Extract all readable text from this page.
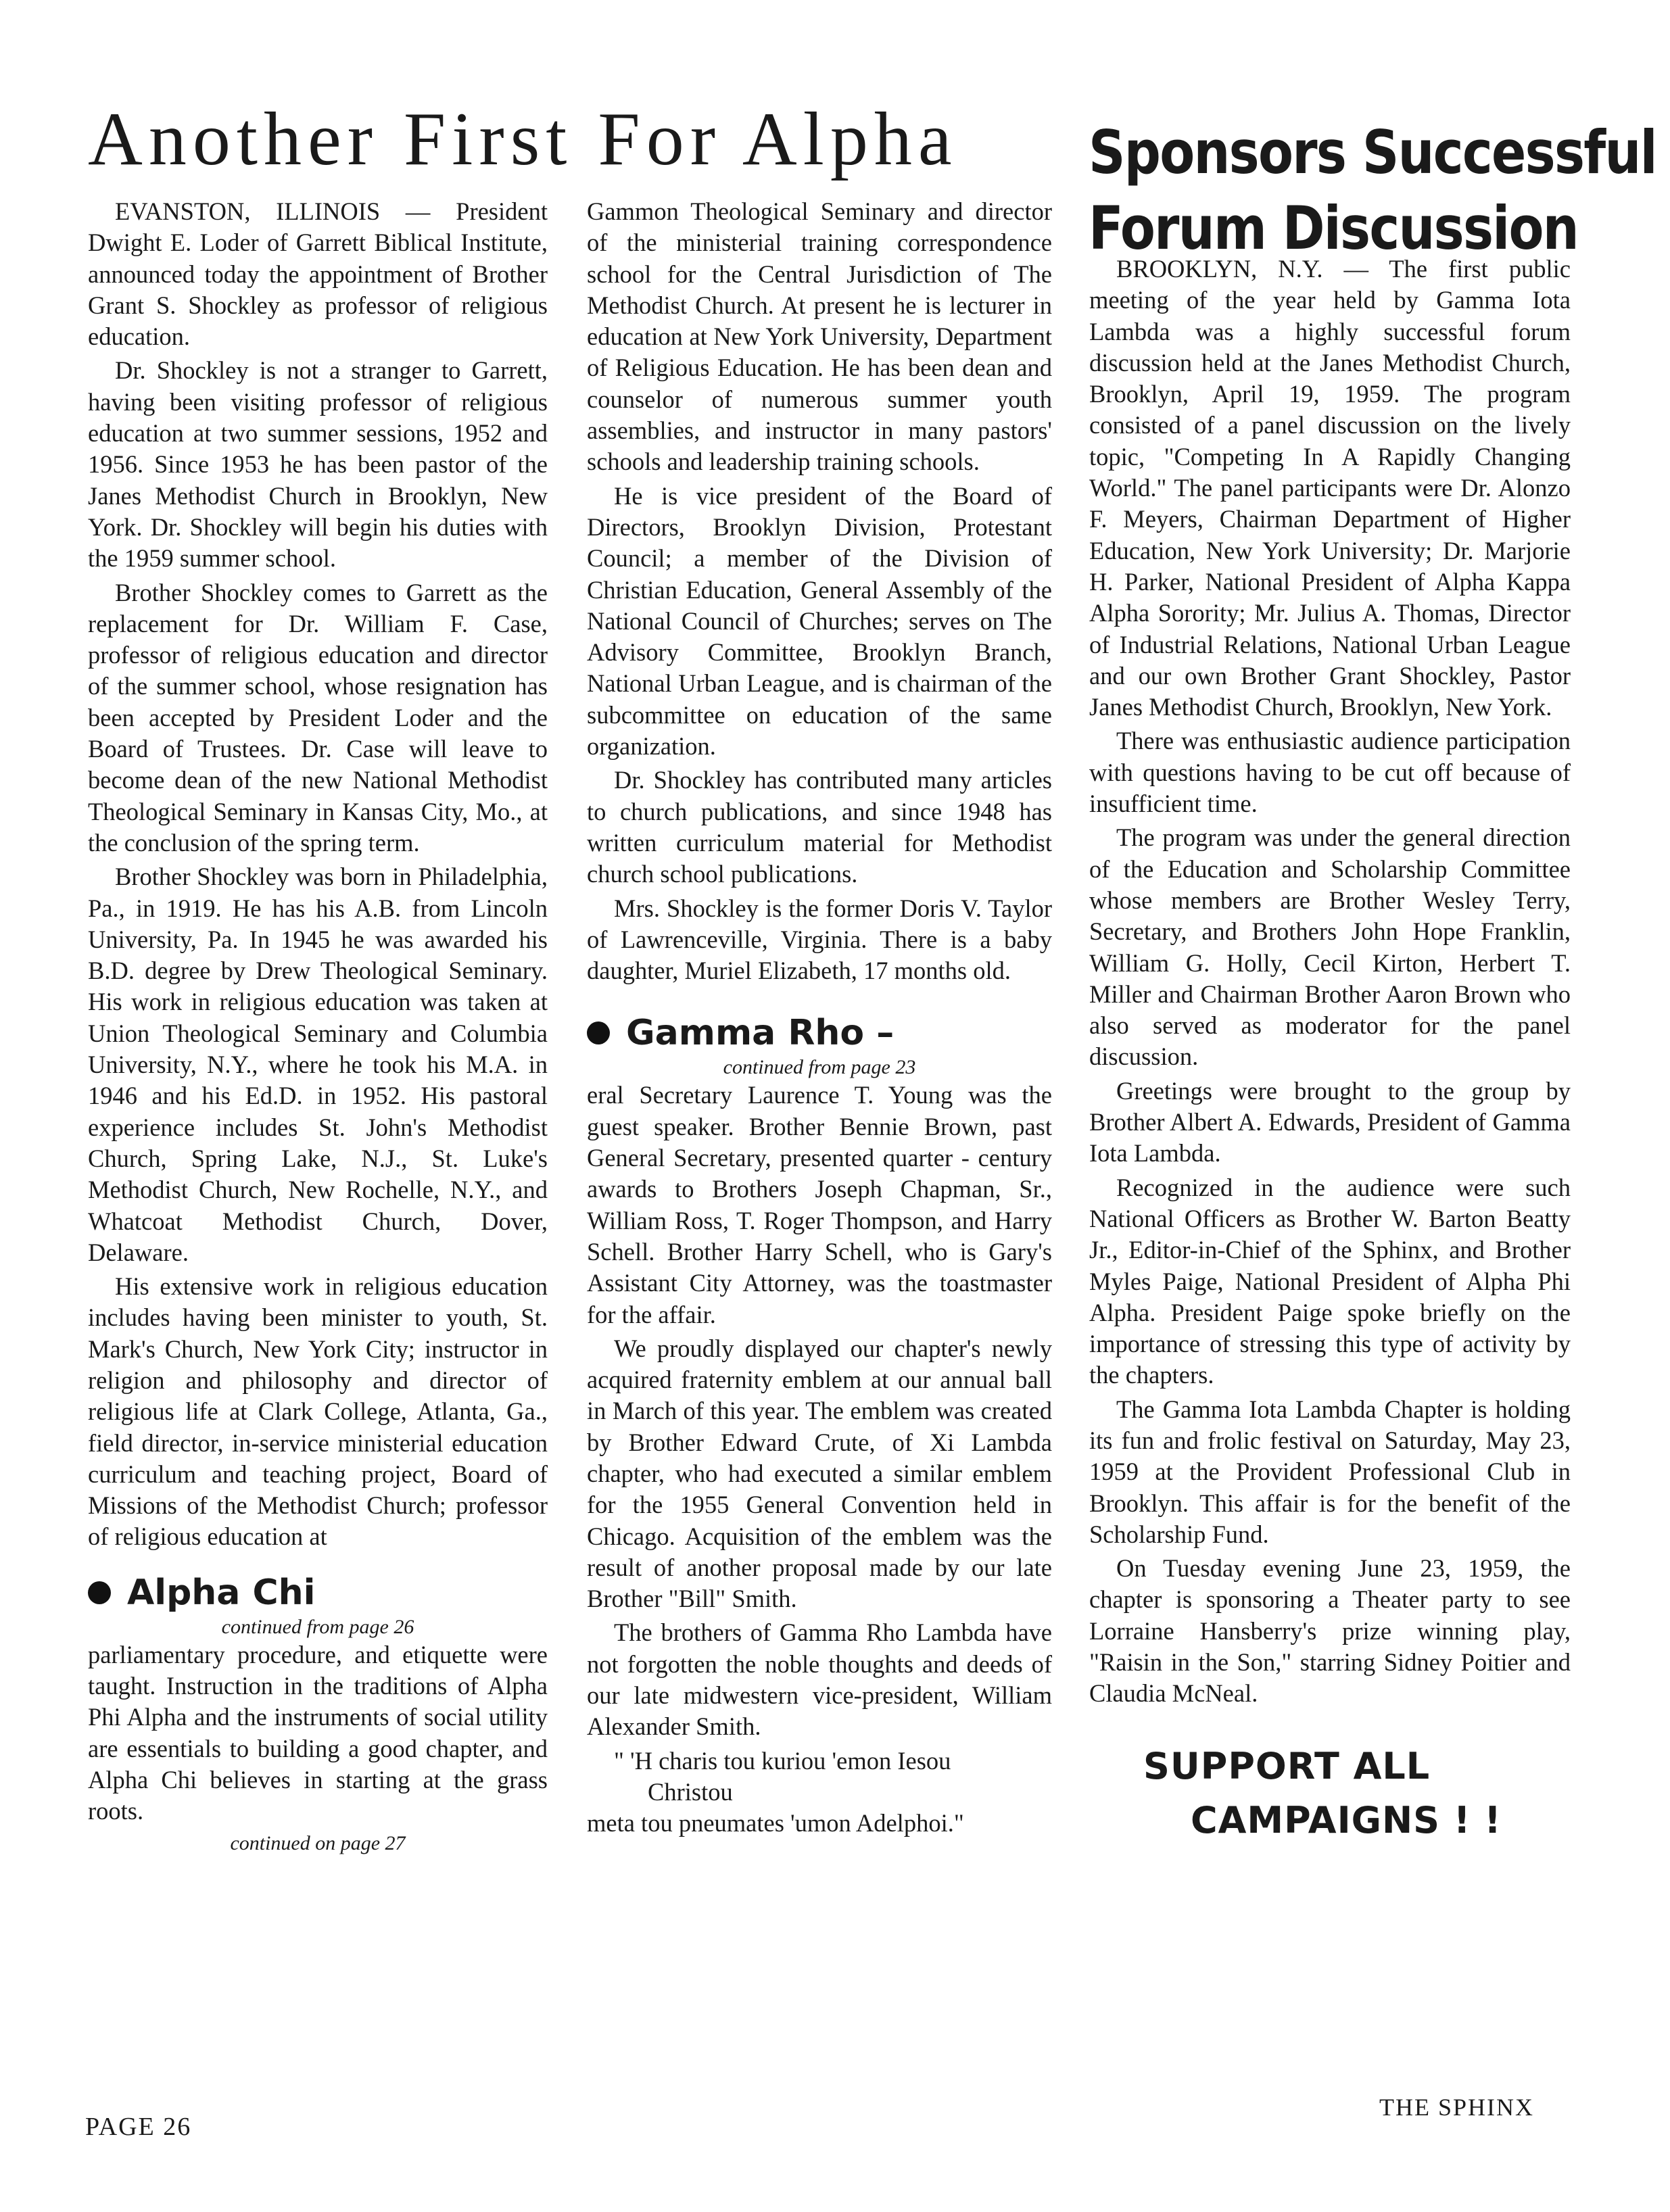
Another First For Alpha Sponsors Successful
Forum Discussion

EVANSTON, ILLINOIS — President Dwight E. Loder of Garrett Biblical Institute, announced today the appointment of Brother Grant S. Shockley as professor of religious education.

Dr. Shockley is not a stranger to Garrett, having been visiting professor of religious education at two summer sessions, 1952 and 1956. Since 1953 he has been pastor of the Janes Methodist Church in Brooklyn, New York. Dr. Shockley will begin his duties with the 1959 summer school.

Brother Shockley comes to Garrett as the replacement for Dr. William F. Case, professor of religious education and director of the summer school, whose resignation has been accepted by President Loder and the Board of Trustees. Dr. Case will leave to become dean of the new National Methodist Theological Seminary in Kansas City, Mo., at the conclusion of the spring term.

Brother Shockley was born in Philadelphia, Pa., in 1919. He has his A.B. from Lincoln University, Pa. In 1945 he was awarded his B.D. degree by Drew Theological Seminary. His work in religious education was taken at Union Theological Seminary and Columbia University, N.Y., where he took his M.A. in 1946 and his Ed.D. in 1952. His pastoral experience includes St. John's Methodist Church, Spring Lake, N.J., St. Luke's Methodist Church, New Rochelle, N.Y., and Whatcoat Methodist Church, Dover, Delaware.

His extensive work in religious education includes having been minister to youth, St. Mark's Church, New York City; instructor in religion and philosophy and director of religious life at Clark College, Atlanta, Ga., field director, in-service ministerial education curriculum and teaching project, Board of Missions of the Methodist Church; professor of religious education at

Alpha Chi
continued from page 26

parliamentary procedure, and etiquette were taught. Instruction in the traditions of Alpha Phi Alpha and the instruments of social utility are essentials to building a good chapter, and Alpha Chi believes in starting at the grass roots.

continued on page 27

Gammon Theological Seminary and director of the ministerial training correspondence school for the Central Jurisdiction of The Methodist Church. At present he is lecturer in education at New York University, Department of Religious Education. He has been dean and counselor of numerous summer youth assemblies, and instructor in many pastors' schools and leadership training schools.

He is vice president of the Board of Directors, Brooklyn Division, Protestant Council; a member of the Division of Christian Education, General Assembly of the National Council of Churches; serves on The Advisory Committee, Brooklyn Branch, National Urban League, and is chairman of the subcommittee on education of the same organization.

Dr. Shockley has contributed many articles to church publications, and since 1948 has written curriculum material for Methodist church school publications.

Mrs. Shockley is the former Doris V. Taylor of Lawrenceville, Virginia. There is a baby daughter, Muriel Elizabeth, 17 months old.

Gamma Rho –
continued from page 23

eral Secretary Laurence T. Young was the guest speaker. Brother Bennie Brown, past General Secretary, presented quarter - century awards to Brothers Joseph Chapman, Sr., William Ross, T. Roger Thompson, and Harry Schell. Brother Harry Schell, who is Gary's Assistant City Attorney, was the toastmaster for the affair.

We proudly displayed our chapter's newly acquired fraternity emblem at our annual ball in March of this year. The emblem was created by Brother Edward Crute, of Xi Lambda chapter, who had executed a similar emblem for the 1955 General Convention held in Chicago. Acquisition of the emblem was the result of another proposal made by our late Brother "Bill" Smith.

The brothers of Gamma Rho Lambda have not forgotten the noble thoughts and deeds of our late midwestern vice-president, William Alexander Smith.

" 'H charis tou kuriou 'emon Iesou
Christou
meta tou pneumates 'umon Adelphoi."

BROOKLYN, N.Y. — The first public meeting of the year held by Gamma Iota Lambda was a highly successful forum discussion held at the Janes Methodist Church, Brooklyn, April 19, 1959. The program consisted of a panel discussion on the lively topic, "Competing In A Rapidly Changing World." The panel participants were Dr. Alonzo F. Meyers, Chairman Department of Higher Education, New York University; Dr. Marjorie H. Parker, National President of Alpha Kappa Alpha Sorority; Mr. Julius A. Thomas, Director of Industrial Relations, National Urban League and our own Brother Grant Shockley, Pastor Janes Methodist Church, Brooklyn, New York.

There was enthusiastic audience participation with questions having to be cut off because of insufficient time.

The program was under the general direction of the Education and Scholarship Committee whose members are Brother Wesley Terry, Secretary, and Brothers John Hope Franklin, William G. Holly, Cecil Kirton, Herbert T. Miller and Chairman Brother Aaron Brown who also served as moderator for the panel discussion.

Greetings were brought to the group by Brother Albert A. Edwards, President of Gamma Iota Lambda.

Recognized in the audience were such National Officers as Brother W. Barton Beatty Jr., Editor-in-Chief of the Sphinx, and Brother Myles Paige, National President of Alpha Phi Alpha. President Paige spoke briefly on the importance of stressing this type of activity by the chapters.

The Gamma Iota Lambda Chapter is holding its fun and frolic festival on Saturday, May 23, 1959 at the Provident Professional Club in Brooklyn. This affair is for the benefit of the Scholarship Fund.

On Tuesday evening June 23, 1959, the chapter is sponsoring a Theater party to see Lorraine Hansberry's prize winning play, "Raisin in the Son," starring Sidney Poitier and Claudia McNeal.

SUPPORT ALL
CAMPAIGNS ! !
PAGE 26
THE SPHINX
